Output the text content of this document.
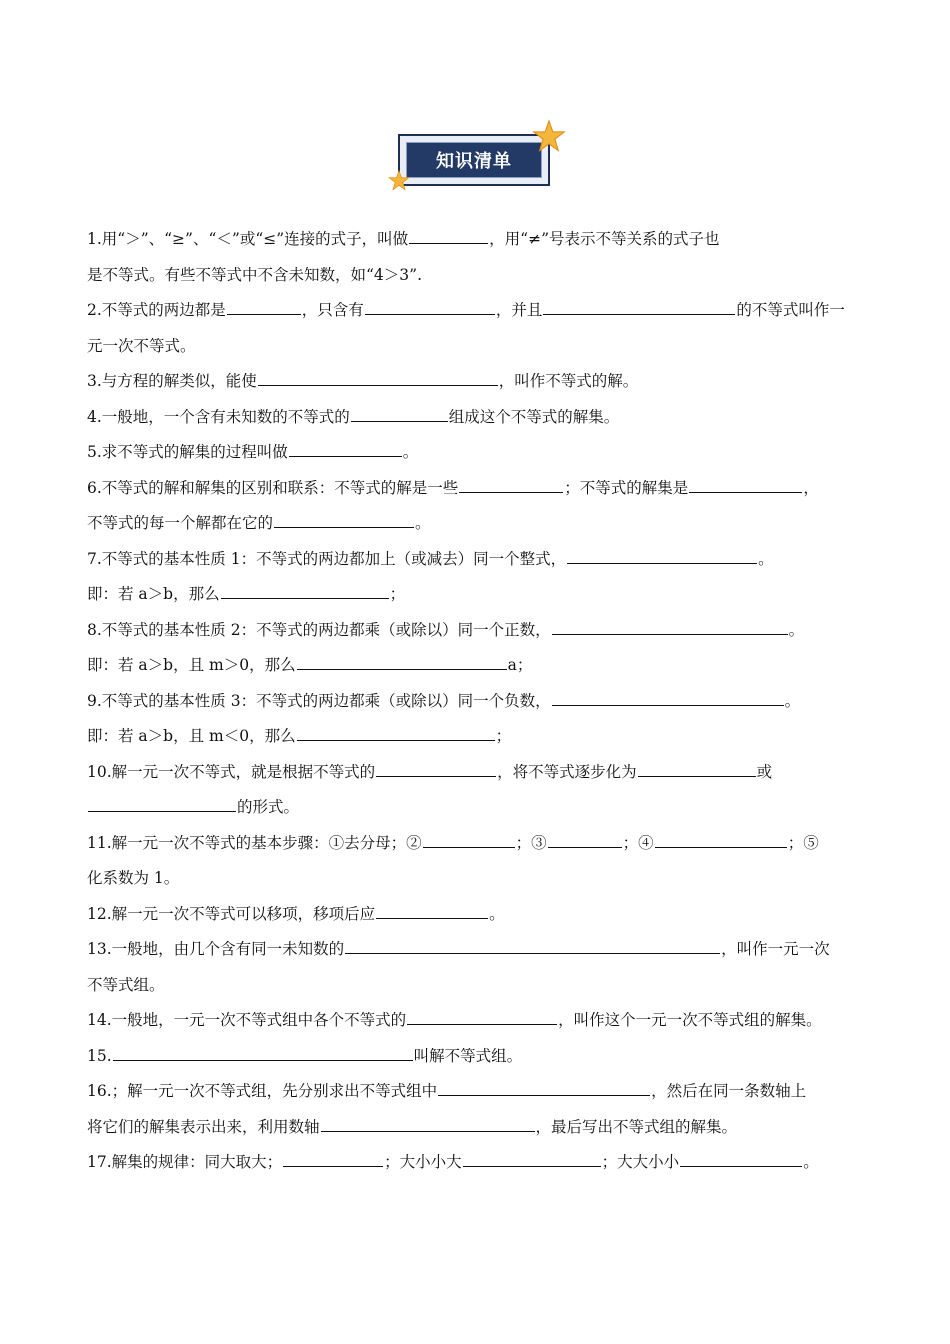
知识清单
1.用“＞”、“≥”、“＜”或“≤”连接的式子，叫做	，用“≠”号表示不等关系的式子也
是不等式。有些不等式中不含未知数，如“4＞3”.
2.不等式的两边都是	，只含有	，并且	的不等式叫作一
元一次不等式。
3.与方程的解类似，能使	，叫作不等式的解。
4.一般地，一个含有未知数的不等式的	组成这个不等式的解集。
5.求不等式的解集的过程叫做	。
6.不等式的解和解集的区别和联系：不等式的解是一些	；不等式的解集是	，
不等式的每一个解都在它的	。
7.不等式的基本性质 1：不等式的两边都加上（或减去）同一个整式，	。
即：若 a＞b，那么	；
8.不等式的基本性质 2：不等式的两边都乘（或除以）同一个正数，	。
即：若 a＞b，且 m＞0，那么	a；
9.不等式的基本性质 3：不等式的两边都乘（或除以）同一个负数，	。
即：若 a＞b，且 m＜0，那么	；
10.解一元一次不等式，就是根据不等式的	，将不等式逐步化为	或
的形式。
11.解一元一次不等式的基本步骤：①去分母；②	；③	；④	；⑤
化系数为 1。
12.解一元一次不等式可以移项，移项后应	。
13.一般地，由几个含有同一未知数的	，叫作一元一次
不等式组。
14.一般地，一元一次不等式组中各个不等式的	，叫作这个一元一次不等式组的解集。
15.	叫解不等式组。
16.；解一元一次不等式组，先分别求出不等式组中	，然后在同一条数轴上
将它们的解集表示出来，利用数轴	，最后写出不等式组的解集。
17.解集的规律：同大取大；	；大小小大	；大大小小	。
